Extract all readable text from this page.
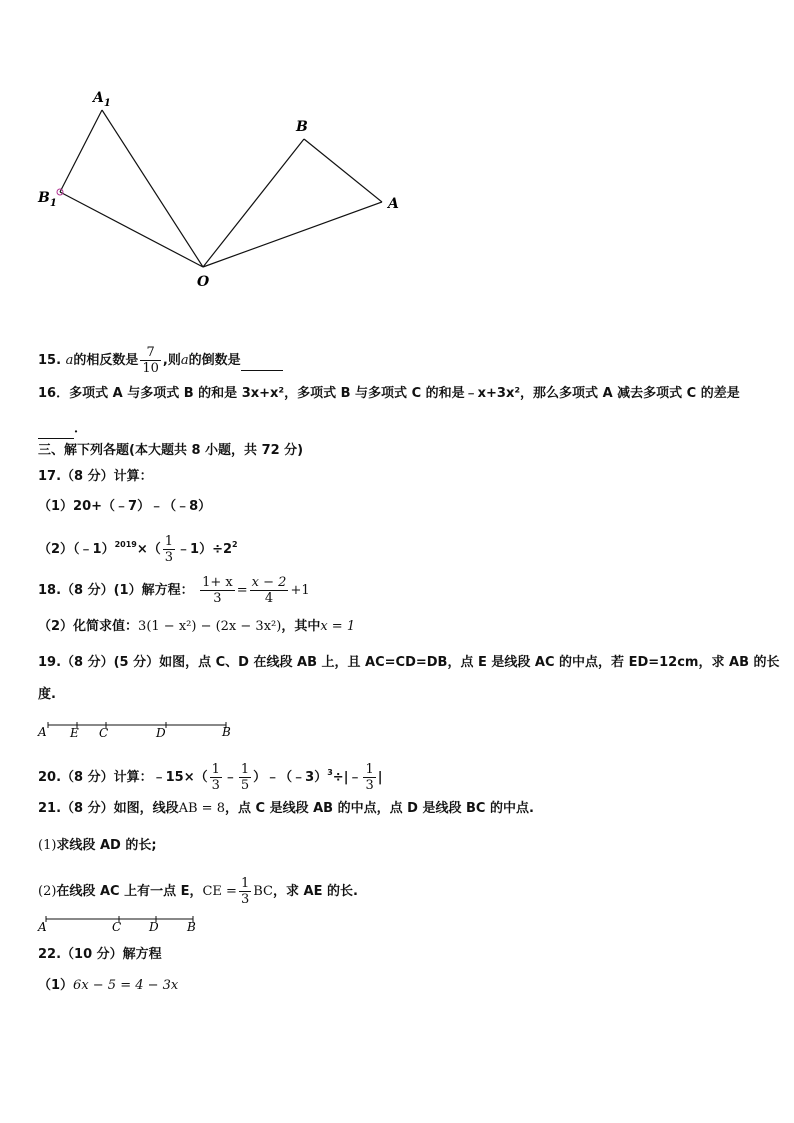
$A_1$
$B_1$
B
A
O
15. a的相反数是 $\frac{7}{10}$ ,则a的倒数是
16．多项式 A 与多项式 B 的和是 3x+x²，多项式 B 与多项式 C 的和是﹣x+3x²，那么多项式 A 减去多项式 C 的差是
．
三、解下列各题(本大题共 8 小题，共 72 分)
17.（8 分）计算：
（1）20+（﹣7）﹣（﹣8）
（2）（﹣1）$^{2019}$×（ $\frac{1}{3}$ $﹣1)\div 2^2$
18.（8 分）(1）解方程： $\frac{1+ x}{3} = \frac{x - 2}{4} +1$
（2）化简求值：3(1 − x²) − (2x − 3x²)，其中x = 1
19.（8 分）(5 分）如图，点 C、D 在线段 AB 上，且 AC=CD=DB，点 E 是线段 AC 的中点，若 ED=12cm，求 AB 的长
度.
A E C	D	B
20.（8 分）计算：﹣15×（ $\frac{1}{3}$ ﹣ $\frac{1}{5}$ ）﹣（﹣3）$^3$÷|﹣ $\frac{1}{3}$ |
21.（8 分）如图，线段AB = 8，点 C 是线段 AB 的中点，点 D 是线段 BC 的中点.
(1)求线段 AD 的长;
(2)在线段 AC 上有一点 E，CE = $\frac{1}{3}$ BC，求 AE 的长.
A	C D B
22.（10 分）解方程
（1）6x − 5 = 4 − 3x
